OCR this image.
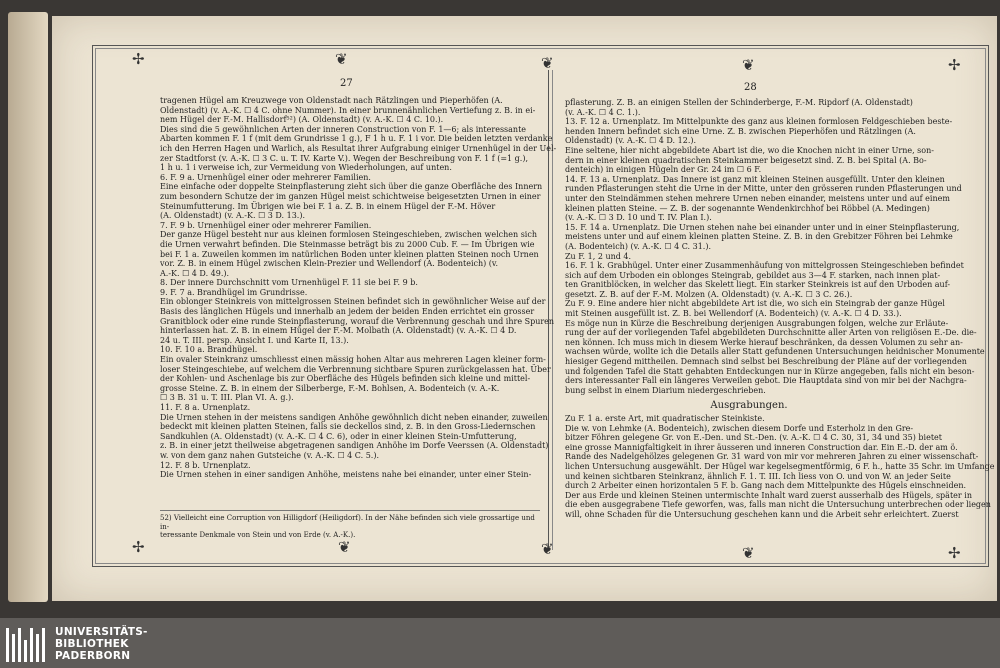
✢	✢
✢	✢
❦	❦	❦
❦	❦	❦
27	28

tragenen Hügel am Kreuzwege von Oldenstadt nach Rätzlingen und Pieperhöfen (A.

Oldenstadt) (v. A.-K. ☐ 4 C. ohne Nummer). In einer brunnenähnlichen Vertiefung z. B. in ei-

nem Hügel der F.-M. Hallisdorf⁵²) (A. Oldenstadt) (v. A.-K. ☐ 4 C. 10.).

Dies sind die 5 gewöhnlichen Arten der inneren Construction von F. 1—6; als interessante

Abarten kommen F. 1 f (mit dem Grundrisse 1 g.), F 1 h u. F. 1 i vor. Die beiden letzten verdanke

ich den Herren Hagen und Warlich, als Resultat ihrer Aufgrabung einiger Urnenhügel in der Uel-

zer Stadtforst (v. A.-K. ☐ 3 C. u. T. IV. Karte V.). Wegen der Beschreibung von F. 1 f (=1 g.),

1 h u. 1 i verweise ich, zur Vermeidung von Wiederholungen, auf unten.

6. F. 9 a. Urnenhügel einer oder mehrerer Familien.

Eine einfache oder doppelte Steinpflasterung zieht sich über die ganze Oberfläche des Innern

zum besondern Schutze der im ganzen Hügel meist schichtweise beigesetzten Urnen in einer

Steinumfutterung. Im Übrigen wie bei F. 1 a. Z. B. in einem Hügel der F.-M. Höver

(A. Oldenstadt) (v. A.-K. ☐ 3 D. 13.).

7. F. 9 b. Urnenhügel einer oder mehrerer Familien.

Der ganze Hügel besteht nur aus kleinen formlosen Steingeschieben, zwischen welchen sich

die Urnen verwahrt befinden. Die Steinmasse beträgt bis zu 2000 Cub. F. — Im Übrigen wie

bei F. 1 a. Zuweilen kommen im natürlichen Boden unter kleinen platten Steinen noch Urnen

vor. Z. B. in einem Hügel zwischen Klein-Prezier und Wellendorf (A. Bodenteich) (v.

A.-K. ☐ 4 D. 49.).

8. Der innere Durchschnitt vom Urnenhügel F. 11 sie bei F. 9 b.

9. F. 7 a. Brandhügel im Grundrisse.

Ein oblonger Steinkreis von mittelgrossen Steinen befindet sich in gewöhnlicher Weise auf der

Basis des länglichen Hügels und innerhalb an jedem der beiden Enden errichtet ein grosser

Granitblock oder eine runde Steinpflasterung, worauf die Verbrennung geschah und ihre Spuren

hinterlassen hat. Z. B. in einem Hügel der F.-M. Molbath (A. Oldenstadt) (v. A.-K. ☐ 4 D.

24 u. T. III. persp. Ansicht I. und Karte II, 13.).

10. F. 10 a. Brandhügel.

Ein ovaler Steinkranz umschliesst einen mässig hohen Altar aus mehreren Lagen kleiner form-

loser Steingeschiebe, auf welchem die Verbrennung sichtbare Spuren zurückgelassen hat. Über

der Kohlen- und Aschenlage bis zur Oberfläche des Hügels befinden sich kleine und mittel-

grosse Steine. Z. B. in einem der Silberberge, F.-M. Bohlsen, A. Bodenteich (v. A.-K.

☐ 3 B. 31 u. T. III. Plan VI. A. g.).

11. F. 8 a. Urnenplatz.

Die Urnen stehen in der meistens sandigen Anhöhe gewöhnlich dicht neben einander, zuweilen

bedeckt mit kleinen platten Steinen, falls sie deckellos sind, z. B. in den Gross-Liedernschen

Sandkuhlen (A. Oldenstadt) (v. A.-K. ☐ 4 C. 6), oder in einer kleinen Stein-Umfutterung,

z. B. in einer jetzt theilweise abgetragenen sandigen Anhöhe im Dorfe Veerssen (A. Oldenstadt)

w. von dem ganz nahen Gutsteiche (v. A.-K. ☐ 4 C. 5.).

12. F. 8 b. Urnenplatz.

Die Urnen stehen in einer sandigen Anhöhe, meistens nahe bei einander, unter einer Stein-

pflasterung. Z. B. an einigen Stellen der Schinderberge, F.-M. Ripdorf (A. Oldenstadt)

(v. A.-K. ☐ 4 C. 1.).

13. F. 12 a. Urnenplatz. Im Mittelpunkte des ganz aus kleinen formlosen Feldgeschieben beste-

henden Innern befindet sich eine Urne. Z. B. zwischen Pieperhöfen und Rätzlingen (A.

Oldenstadt) (v. A.-K. ☐ 4 D. 12.).

Eine seltene, hier nicht abgebildete Abart ist die, wo die Knochen nicht in einer Urne, son-

dern in einer kleinen quadratischen Steinkammer beigesetzt sind. Z. B. bei Spital (A. Bo-

denteich) in einigen Hügeln der Gr. 24 im ☐ 6 F.

14. F. 13 a. Urnenplatz. Das Innere ist ganz mit kleinen Steinen ausgefüllt. Unter den kleinen

runden Pflasterungen steht die Urne in der Mitte, unter den grösseren runden Pflasterungen und

unter den Steindämmen stehen mehrere Urnen neben einander, meistens unter und auf einem

kleinen platten Steine. — Z. B. der sogenannte Wendenkirchhof bei Röbbel (A. Medingen)

(v. A.-K. ☐ 3 D. 10 und T. IV. Plan I.).

15. F. 14 a. Urnenplatz. Die Urnen stehen nahe bei einander unter und in einer Steinpflasterung,

meistens unter und auf einem kleinen platten Steine. Z. B. in den Grebitzer Föhren bei Lehmke

(A. Bodenteich) (v. A.-K. ☐ 4 C. 31.).

Zu F. 1, 2 und 4.

16. F. 1 k. Grabhügel. Unter einer Zusammenhäufung von mittelgrossen Steingeschieben befindet

sich auf dem Urboden ein oblonges Steingrab, gebildet aus 3—4 F. starken, nach innen plat-

ten Granitblöcken, in welcher das Skelett liegt. Ein starker Steinkreis ist auf den Urboden auf-

gesetzt. Z. B. auf der F.-M. Molzen (A. Oldenstadt) (v. A.-K. ☐ 3 C. 26.).

Zu F. 9. Eine andere hier nicht abgebildete Art ist die, wo sich ein Steingrab der ganze Hügel

mit Steinen ausgefüllt ist. Z. B. bei Wellendorf (A. Bodenteich) (v. A.-K. ☐ 4 D. 33.).

Es möge nun in Kürze die Beschreibung derjenigen Ausgrabungen folgen, welche zur Erläute-

rung der auf der vorliegenden Tafel abgebildeten Durchschnitte aller Arten von religiösen E.-De. die-

nen können. Ich muss mich in diesem Werke hierauf beschränken, da dessen Volumen zu sehr an-

wachsen würde, wollte ich die Details aller Statt gefundenen Untersuchungen heidnischer Monumente

hiesiger Gegend mittheilen. Demnach sind selbst bei Beschreibung der Pläne auf der vorliegenden

und folgenden Tafel die Statt gehabten Entdeckungen nur in Kürze angegeben, falls nicht ein beson-

ders interessanter Fall ein längeres Verweilen gebot. Die Hauptdata sind von mir bei der Nachgra-

bung selbst in einem Diarium niedergeschrieben.

Ausgrabungen.

Zu F. 1 a. erste Art, mit quadratischer Steinkiste.

Die w. von Lehmke (A. Bodenteich), zwischen diesem Dorfe und Esterholz in den Gre-

bitzer Föhren gelegene Gr. von E.-Den. und St.-Den. (v. A.-K. ☐ 4 C. 30, 31, 34 und 35) bietet

eine grosse Mannigfaltigkeit in ihrer äusseren und inneren Construction dar. Ein E.-D. der am ö.

Rande des Nadelgehölzes gelegenen Gr. 31 ward von mir vor mehreren Jahren zu einer wissenschaft-

lichen Untersuchung ausgewählt. Der Hügel war kegelsegmentförmig, 6 F. h., hatte 35 Schr. im Umfange

und keinen sichtbaren Steinkranz, ähnlich F. 1. T. III. Ich liess von O. und von W. an jeder Seite

durch 2 Arbeiter einen horizontalen 5 F. b. Gang nach dem Mittelpunkte des Hügels einschneiden.

Der aus Erde und kleinen Steinen untermischte Inhalt ward zuerst ausserhalb des Hügels, später in

die eben ausgegrabene Tiefe geworfen, was, falls man nicht die Untersuchung unterbrechen oder liegen

will, ohne Schaden für die Untersuchung geschehen kann und die Arbeit sehr erleichtert. Zuerst

52) Vielleicht eine Corruption von Hilligdorf (Heiligdorf). In der Nähe befinden sich viele grossartige und in-
teressante Denkmale von Stein und von Erde (v. A.-K.).
UNIVERSITÄTS-
BIBLIOTHEK
PADERBORN
